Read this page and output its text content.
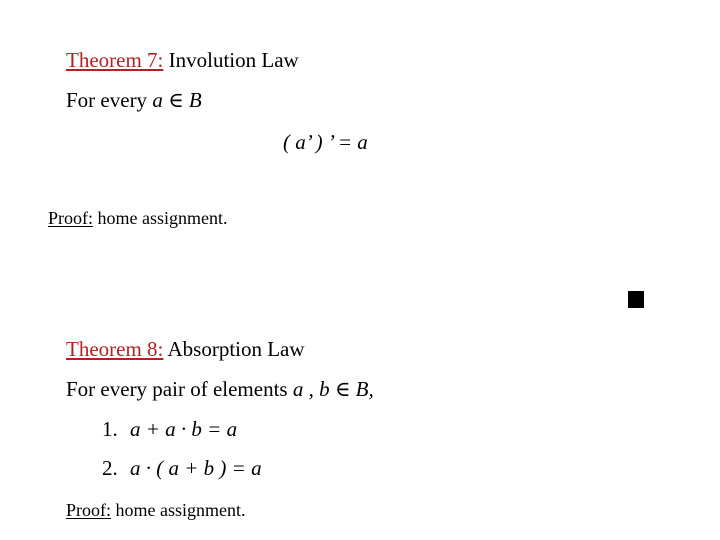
Theorem 7: Involution Law
For every a ∈ B
( a’ ) ’ = a
Proof: home assignment.
Theorem 8: Absorption Law
For every pair of elements a , b ∈ B,
1. a + a · b = a
2. a · ( a + b ) = a
Proof: home assignment.
